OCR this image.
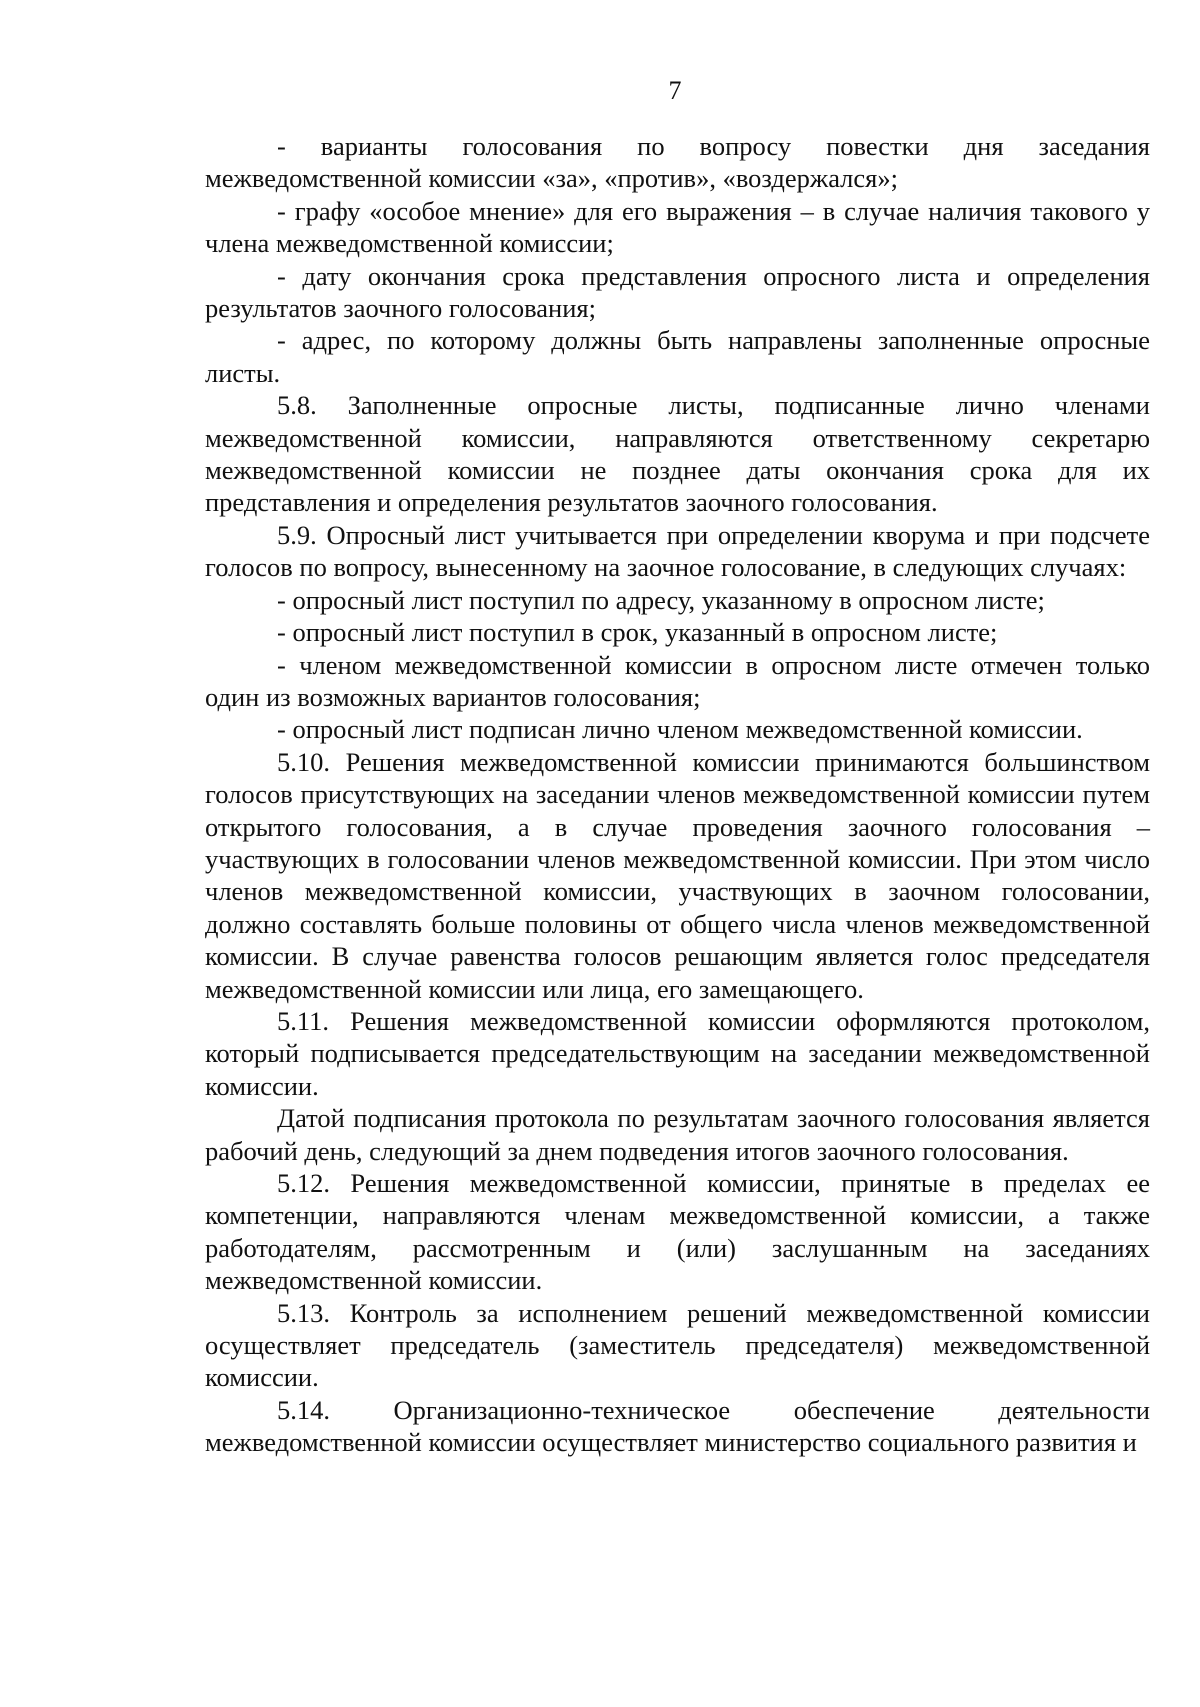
7

- варианты голосования по вопросу повестки дня заседания межведомственной комиссии «за», «против», «воздержался»;

- графу «особое мнение» для его выражения – в случае наличия такового у члена межведомственной комиссии;

- дату окончания срока представления опросного листа и определения результатов заочного голосования;

- адрес, по которому должны быть направлены заполненные опросные листы.

5.8. Заполненные опросные листы, подписанные лично членами межведомственной комиссии, направляются ответственному секретарю межведомственной комиссии не позднее даты окончания срока для их представления и определения результатов заочного голосования.

5.9. Опросный лист учитывается при определении кворума и при подсчете голосов по вопросу, вынесенному на заочное голосование, в следующих случаях:

- опросный лист поступил по адресу, указанному в опросном листе;

- опросный лист поступил в срок, указанный в опросном листе;

- членом межведомственной комиссии в опросном листе отмечен только один из возможных вариантов голосования;

- опросный лист подписан лично членом межведомственной комиссии.

5.10. Решения межведомственной комиссии принимаются большинством голосов присутствующих на заседании членов межведомственной комиссии путем открытого голосования, а в случае проведения заочного голосования – участвующих в голосовании членов межведомственной комиссии. При этом число членов межведомственной комиссии, участвующих в заочном голосовании, должно составлять больше половины от общего числа членов межведомственной комиссии. В случае равенства голосов решающим является голос председателя межведомственной комиссии или лица, его замещающего.

5.11. Решения межведомственной комиссии оформляются протоколом, который подписывается председательствующим на заседании межведомственной комиссии.

Датой подписания протокола по результатам заочного голосования является рабочий день, следующий за днем подведения итогов заочного голосования.

5.12. Решения межведомственной комиссии, принятые в пределах ее компетенции, направляются членам межведомственной комиссии, а также работодателям, рассмотренным и (или) заслушанным на заседаниях межведомственной комиссии.

5.13. Контроль за исполнением решений межведомственной комиссии осуществляет председатель (заместитель председателя) межведомственной комиссии.

5.14. Организационно-техническое обеспечение деятельности межведомственной комиссии осуществляет министерство социального развития и
